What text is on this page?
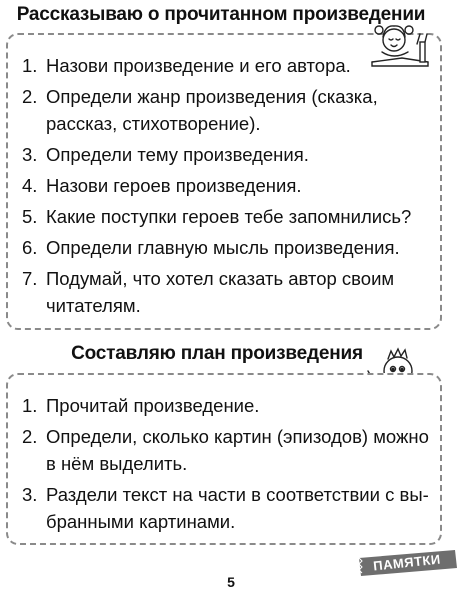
Рассказываю о прочитанном произведении
1. Назови произведение и его автора.
2. Определи жанр произведения (сказка, рассказ, стихотворение).
3. Определи тему произведения.
4. Назови героев произведения.
5. Какие поступки героев тебе запомнились?
6. Определи главную мысль произведения.
7. Подумай, что хотел сказать автор своим читателям.
Составляю план произведения
1. Прочитай произведение.
2. Определи, сколько картин (эпизодов) можно в нём выделить.
3. Раздели текст на части в соответствии с выбранными картинами.
ПАМЯТКИ
5
